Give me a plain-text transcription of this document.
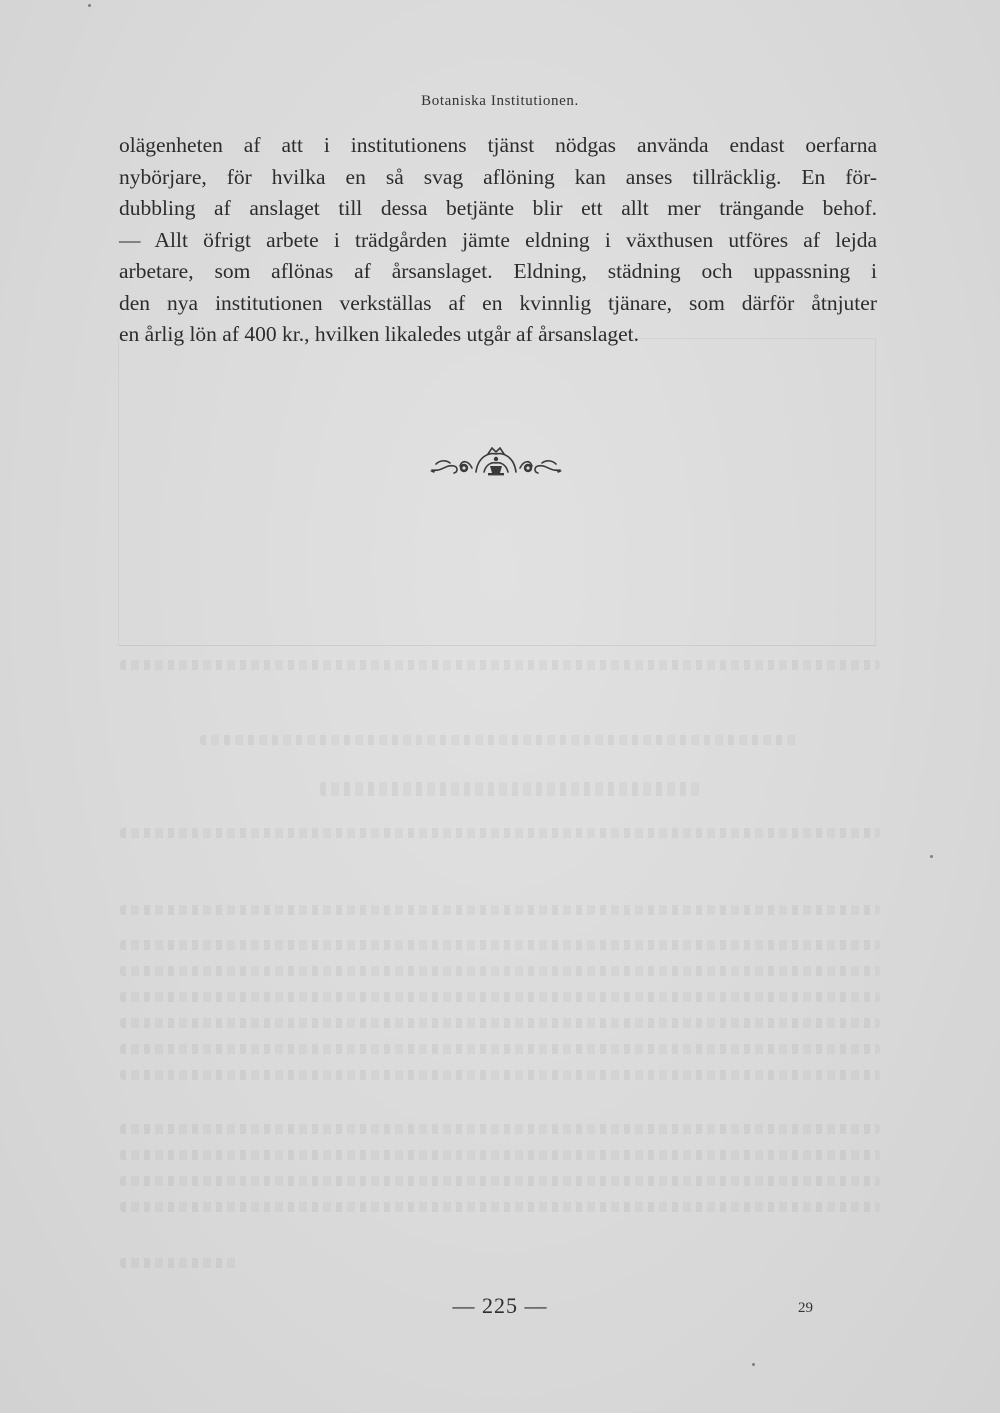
Botaniska Institutionen.
olägenheten af att i institutionens tjänst nödgas använda endast oerfarna
nybörjare, för hvilka en så svag aflöning kan anses tillräcklig. En för-
dubbling af anslaget till dessa betjänte blir ett allt mer trängande behof.
— Allt öfrigt arbete i trädgården jämte eldning i växthusen utföres af lejda
arbetare, som aflönas af årsanslaget. Eldning, städning och uppassning i
den nya institutionen verkställas af en kvinnlig tjänare, som därför åtnjuter
en årlig lön af 400 kr., hvilken likaledes utgår af årsanslaget.
— 225 —	29
